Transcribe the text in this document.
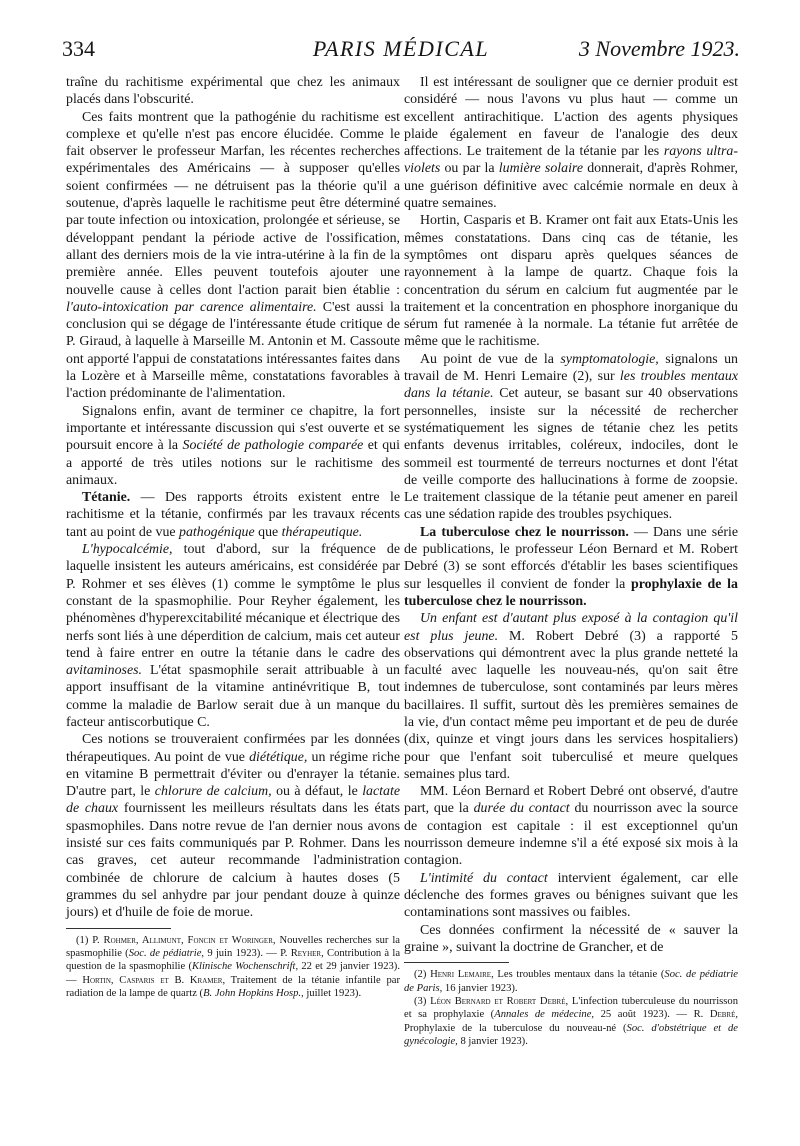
334	PARIS MÉDICAL	3 Novembre 1923.

traîne du rachitisme expérimental que chez les animaux placés dans l'obscurité.

Ces faits montrent que la pathogénie du rachitisme est complexe et qu'elle n'est pas encore élucidée. Comme le fait observer le professeur Marfan, les récentes recherches expérimentales des Américains — à supposer qu'elles soient confirmées — ne détruisent pas la théorie qu'il a soutenue, d'après laquelle le rachitisme peut être déterminé par toute infection ou intoxication, prolongée et sérieuse, se développant pendant la période active de l'ossification, allant des derniers mois de la vie intra-utérine à la fin de la première année. Elles peuvent toutefois ajouter une nouvelle cause à celles dont l'action parait bien établie : l'auto-intoxication par carence alimentaire. C'est aussi la conclusion qui se dégage de l'intéressante étude critique de P. Giraud, à laquelle à Marseille M. Antonin et M. Cassoute ont apporté l'appui de constatations intéressantes faites dans la Lozère et à Marseille même, constatations favorables à l'action prédominante de l'alimentation.

Signalons enfin, avant de terminer ce chapitre, la fort importante et intéressante discussion qui s'est ouverte et se poursuit encore à la Société de pathologie comparée et qui a apporté de très utiles notions sur le rachitisme des animaux.

Tétanie. — Des rapports étroits existent entre le rachitisme et la tétanie, confirmés par les travaux récents tant au point de vue pathogénique que thérapeutique.

L'hypocalcémie, tout d'abord, sur la fréquence de laquelle insistent les auteurs américains, est considérée par P. Rohmer et ses élèves (1) comme le symptôme le plus constant de la spasmophilie. Pour Reyher également, les phénomènes d'hyperexcitabilité mécanique et électrique des nerfs sont liés à une déperdition de calcium, mais cet auteur tend à faire entrer en outre la tétanie dans le cadre des avitaminoses. L'état spasmophile serait attribuable à un apport insuffisant de la vitamine antinévritique B, tout comme la maladie de Barlow serait due à un manque du facteur antiscorbutique C.

Ces notions se trouveraient confirmées par les données thérapeutiques. Au point de vue diététique, un régime riche en vitamine B permettrait d'éviter ou d'enrayer la tétanie. D'autre part, le chlorure de calcium, ou à défaut, le lactate de chaux fournissent les meilleurs résultats dans les états spasmophiles. Dans notre revue de l'an dernier nous avons insisté sur ces faits communiqués par P. Rohmer. Dans les cas graves, cet auteur recommande l'administration combinée de chlorure de calcium à hautes doses (5 grammes du sel anhydre par jour pendant douze à quinze jours) et d'huile de foie de morue.

(1) P. Rohmer, Allimunt, Foncin et Woringer, Nouvelles recherches sur la spasmophilie (Soc. de pédiatrie, 9 juin 1923). — P. Reyher, Contribution à la question de la spasmophilie (Klinische Wochenschrift, 22 et 29 janvier 1923). — Hortin, Casparis et B. Kramer, Traitement de la tétanie infantile par radiation de la lampe de quartz (B. John Hopkins Hosp., juillet 1923).

Il est intéressant de souligner que ce dernier produit est considéré — nous l'avons vu plus haut — comme un excellent antirachitique. L'action des agents physiques plaide également en faveur de l'analogie des deux affections. Le traitement de la tétanie par les rayons ultra-violets ou par la lumière solaire donnerait, d'après Rohmer, une guérison définitive avec calcémie normale en deux à quatre semaines.

Hortin, Casparis et B. Kramer ont fait aux Etats-Unis les mêmes constatations. Dans cinq cas de tétanie, les symptômes ont disparu après quelques séances de rayonnement à la lampe de quartz. Chaque fois la concentration du sérum en calcium fut augmentée par le traitement et la concentration en phosphore inorganique du sérum fut ramenée à la normale. La tétanie fut arrêtée de même que le rachitisme.

Au point de vue de la symptomatologie, signalons un travail de M. Henri Lemaire (2), sur les troubles mentaux dans la tétanie. Cet auteur, se basant sur 40 observations personnelles, insiste sur la nécessité de rechercher systématiquement les signes de tétanie chez les petits enfants devenus irritables, coléreux, indociles, dont le sommeil est tourmenté de terreurs nocturnes et dont l'état de veille comporte des hallucinations à forme de zoopsie. Le traitement classique de la tétanie peut amener en pareil cas une sédation rapide des troubles psychiques.

La tuberculose chez le nourrisson. — Dans une série de publications, le professeur Léon Bernard et M. Robert Debré (3) se sont efforcés d'établir les bases scientifiques sur lesquelles il convient de fonder la prophylaxie de la tuberculose chez le nourrisson.

Un enfant est d'autant plus exposé à la contagion qu'il est plus jeune. M. Robert Debré (3) a rapporté 5 observations qui démontrent avec la plus grande netteté la faculté avec laquelle les nouveau-nés, qu'on sait être indemnes de tuberculose, sont contaminés par leurs mères bacillaires. Il suffit, surtout dès les premières semaines de la vie, d'un contact même peu important et de peu de durée (dix, quinze et vingt jours dans les services hospitaliers) pour que l'enfant soit tuberculisé et meure quelques semaines plus tard.

MM. Léon Bernard et Robert Debré ont observé, d'autre part, que la durée du contact du nourrisson avec la source de contagion est capitale : il est exceptionnel qu'un nourrisson demeure indemne s'il a été exposé six mois à la contagion.

L'intimité du contact intervient également, car elle déclenche des formes graves ou bénignes suivant que les contaminations sont massives ou faibles.

Ces données confirment la nécessité de « sauver la graine », suivant la doctrine de Grancher, et de

(2) Henri Lemaire, Les troubles mentaux dans la tétanie (Soc. de pédiatrie de Paris, 16 janvier 1923).

(3) Léon Bernard et Robert Debré, L'infection tuberculeuse du nourrisson et sa prophylaxie (Annales de médecine, 25 août 1923). — R. Debré, Prophylaxie de la tuberculose du nouveau-né (Soc. d'obstétrique et de gynécologie, 8 janvier 1923).
